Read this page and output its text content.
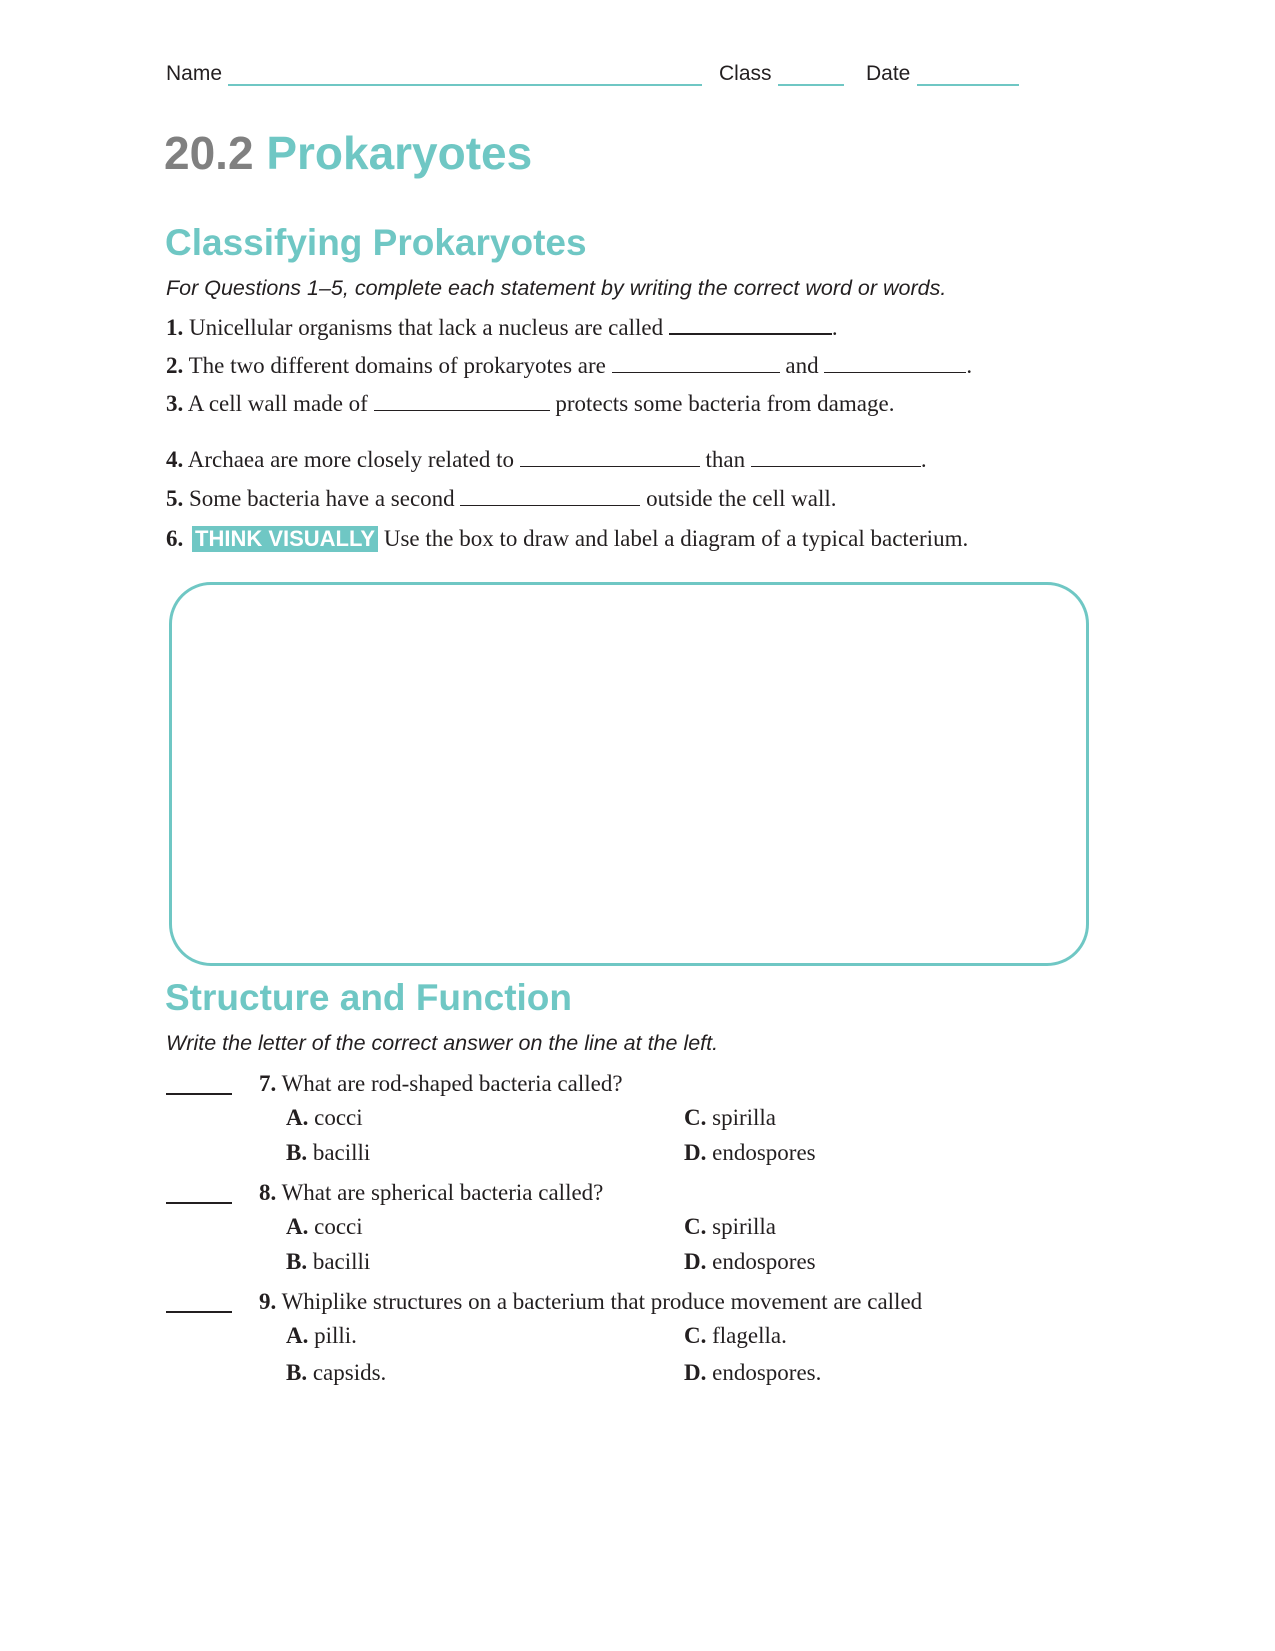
Name	Class	Date
20.2 Prokaryotes
Classifying Prokaryotes
For Questions 1–5, complete each statement by writing the correct word or words.
1. Unicellular organisms that lack a nucleus are called	.
2. The two different domains of prokaryotes are	and	.
3. A cell wall made of	protects some bacteria from damage.
4. Archaea are more closely related to	than	.
5. Some bacteria have a second	outside the cell wall.
6. THINK VISUALLY Use the box to draw and label a diagram of a typical bacterium.
Structure and Function
Write the letter of the correct answer on the line at the left.
7. What are rod-shaped bacteria called?
A. cocci
B. bacilli
C. spirilla
D. endospores
8. What are spherical bacteria called?
A. cocci
B. bacilli
C. spirilla
D. endospores
9. Whiplike structures on a bacterium that produce movement are called
A. pilli.
B. capsids.
C. flagella.
D. endospores.
